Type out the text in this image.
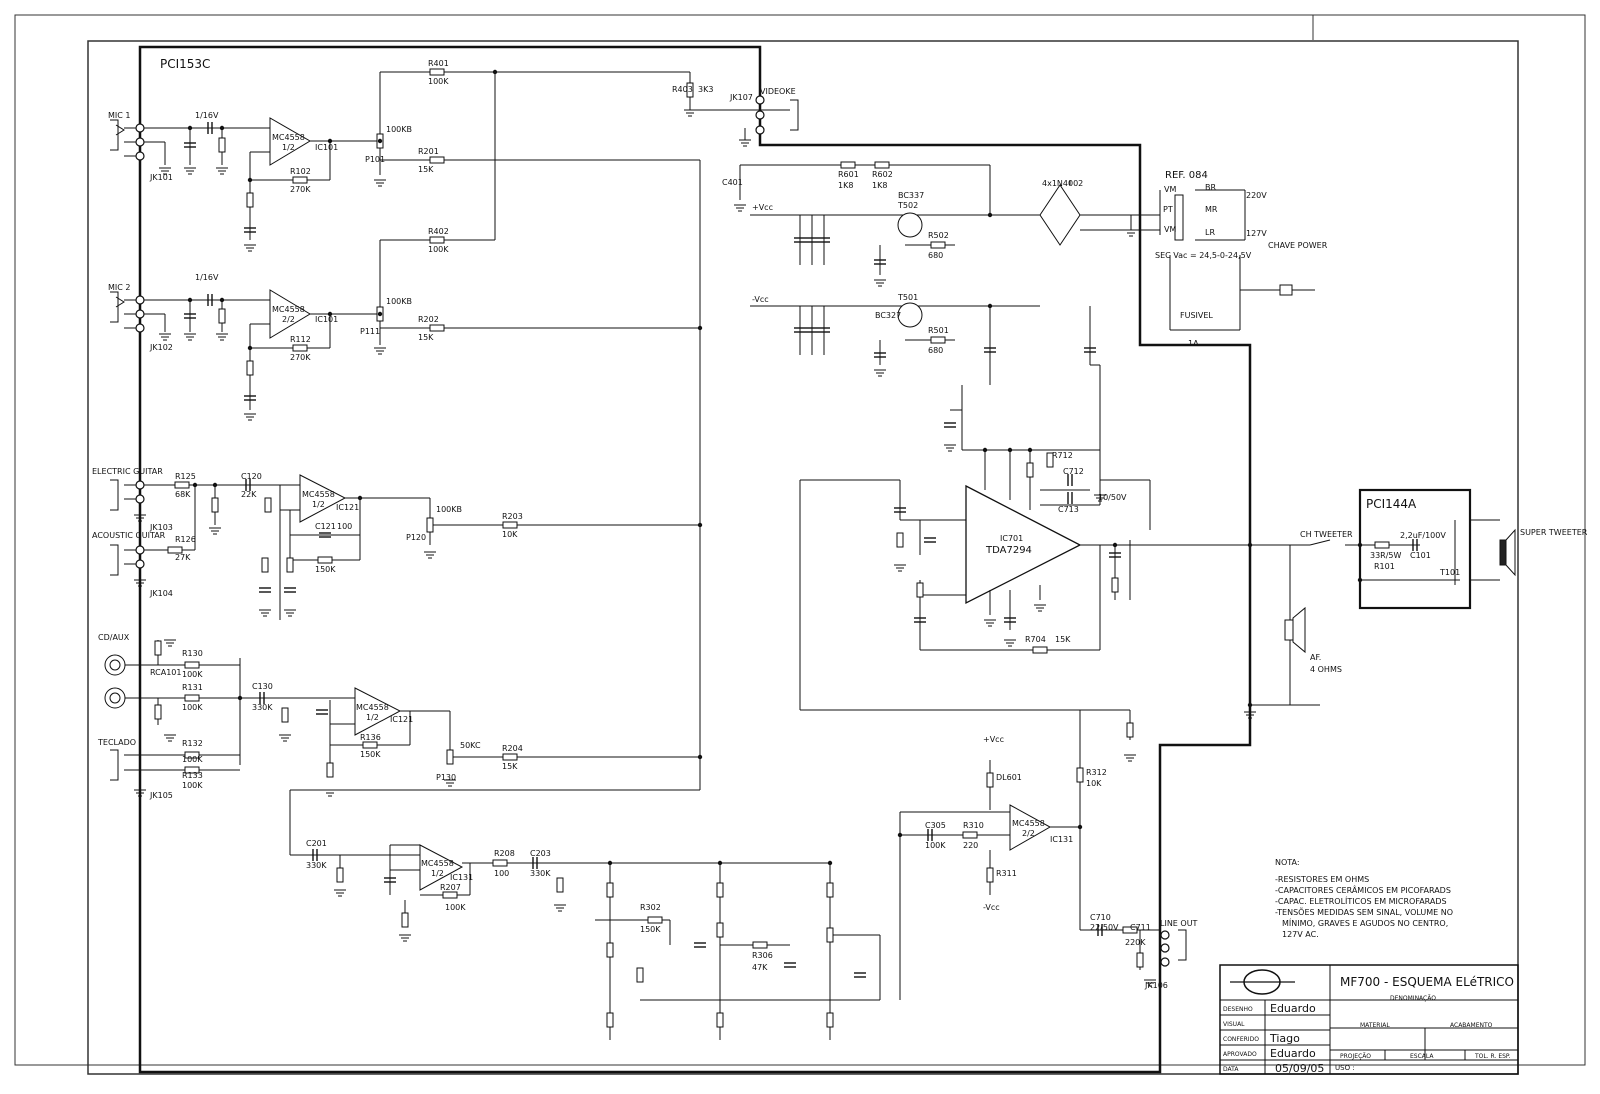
PCI153C
MIC 1
JK101
MC4558
1/2	IC101
R401
100K
R403 3K3
1/16V
R102
270K
R201
15K
P101
100KB
VIDEOKE
JK107
MIC 2
JK102
MC4558
2/2	IC101
R402
100K
1/16V
R112
270K
R202
15K
P111
100KB
ELECTRIC GUITAR
ACOUSTIC GUITAR
JK103
JK104
R125
68K
R126
27K
C120
22K	MC4558
1/2 IC121
C121 100
150K
R203
10K
P120
100KB
CD/AUX
RCA101
TECLADO
JK105
R130
100K
R131
100K
R132
100K
R133
100K
C130
330K	MC4558
1/2 IC121
R136
150K
R204
15K
P130
50KC
C201
330K	MC4558
1/2 IC131
R208
100
C203
330K
R207
100K	R302
150K
R306
47K
C305
100K
R310
220
MC4558
2/2
IC131
+Vcc
-Vcc
DL601
R311
R312
10K
LINE OUT
JK106
C710
22/50V C711
220K
C401
+Vcc
-Vcc
R601
1K8
R602
1K8
BC337
T502
BC327
T501
R502
680
R501
680
4x1N4002
REF. 084
VM	BR
PT	MR
VM	LR
220V
127V
CHAVE POWER
SEC Vac = 24,5-0-24,5V
FUSIVEL
1A
IC701
TDA7294
R704 15K
R712
C712
C713
10/50V
AF.
4 OHMS
CH TWEETER
PCI144A
33R/5W
R101
2,2uF/100V
C101
T101
SUPER TWEETER
NOTA:
-RESISTORES EM OHMS
-CAPACITORES CERÂMICOS EM PICOFARADS
-CAPAC. ELETROLÍTICOS EM MICROFARADS
-TENSÕES MEDIDAS SEM SINAL, VOLUME NO
MÍNIMO, GRAVES E AGUDOS NO CENTRO,
127V AC.
MF700 - ESQUEMA ELéTRICO
DENOMINAÇÃO
DESENHO Eduardo
VISUAL
CONFERIDO Tiago
APROVADO Eduardo
DATA	05/09/05
MATERIAL	ACABAMENTO
PROJEÇÃO	ESCALA	TOL. R. ESP.
USO :
